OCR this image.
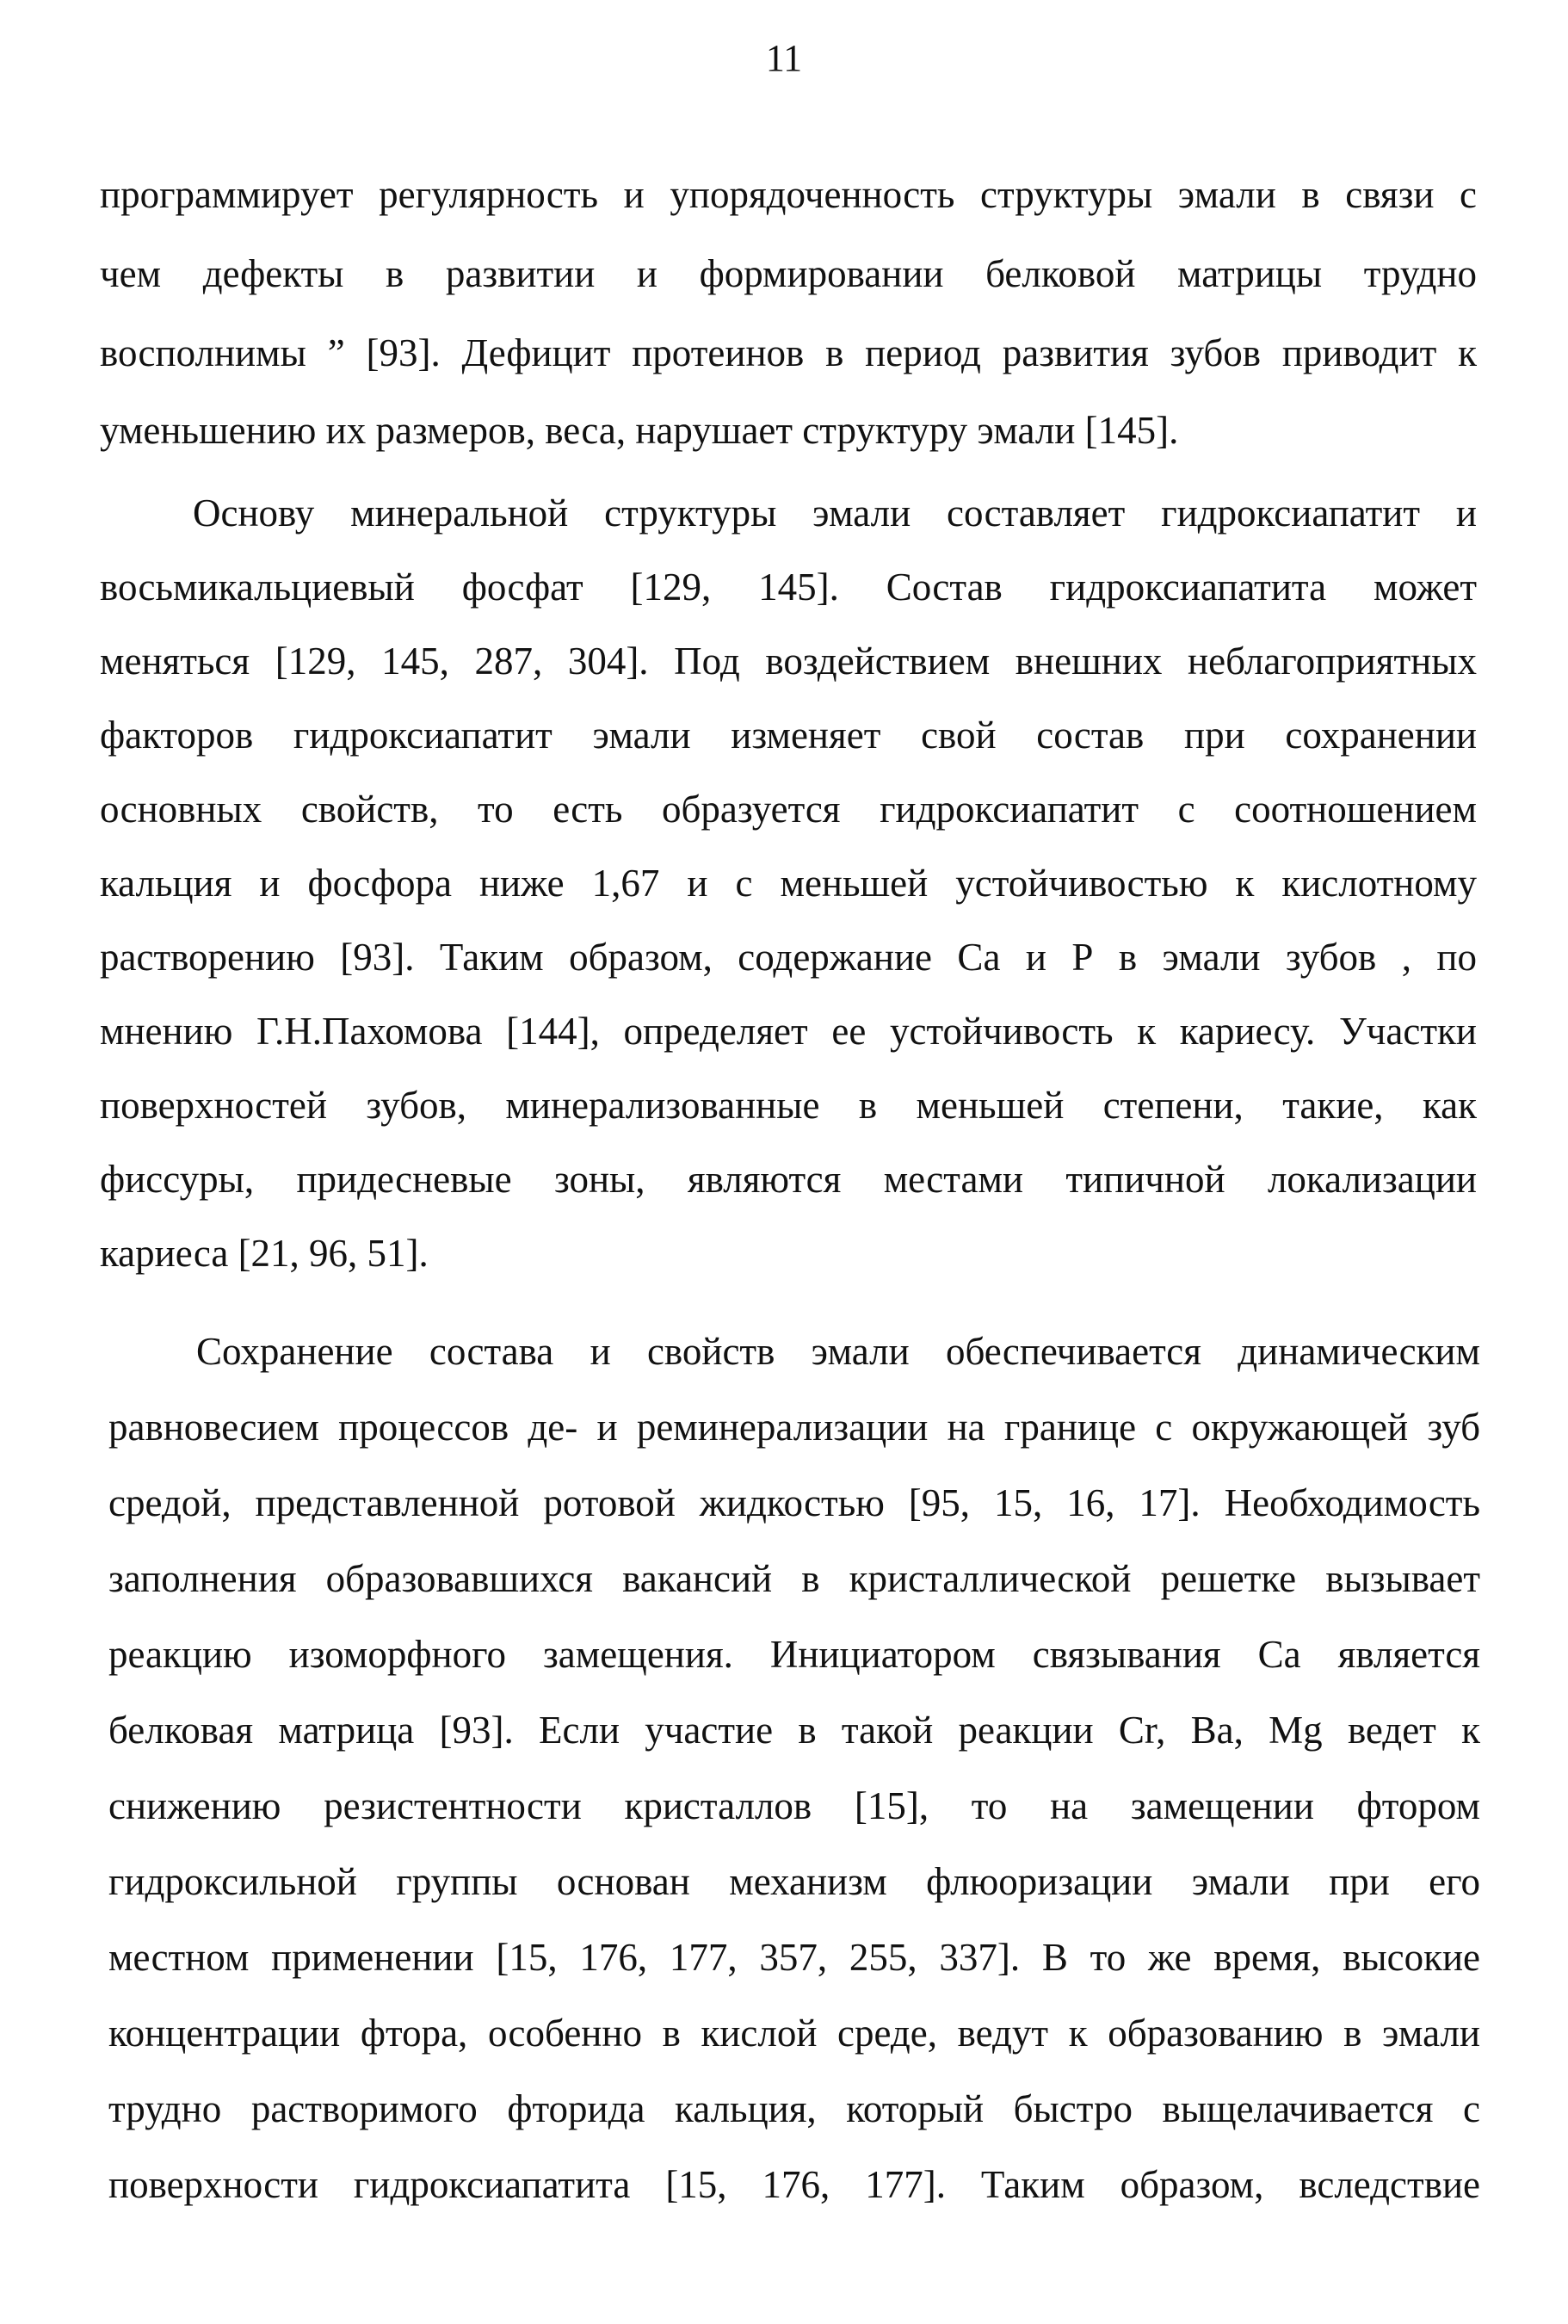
11
программирует регулярность и упорядоченность структуры эмали в связи с
чем дефекты в развитии и формировании белковой матрицы трудно
восполнимы ” [93]. Дефицит протеинов в период развития зубов приводит к
уменьшению их размеров, веса, нарушает структуру эмали [145].
Основу минеральной структуры эмали составляет гидроксиапатит и
восьмикальциевый фосфат [129, 145]. Состав гидроксиапатита может
меняться [129, 145, 287, 304]. Под воздействием внешних неблагоприятных
факторов гидроксиапатит эмали изменяет свой состав при сохранении
основных свойств, то есть образуется гидроксиапатит с соотношением
кальция и фосфора ниже 1,67 и с меньшей устойчивостью к кислотному
растворению [93]. Таким образом, содержание Са и Р в эмали зубов , по
мнению Г.Н.Пахомова [144], определяет ее устойчивость к кариесу. Участки
поверхностей зубов, минерализованные в меньшей степени, такие, как
фиссуры, придесневые зоны, являются местами типичной локализации
кариеса [21, 96, 51].
Сохранение состава и свойств эмали обеспечивается динамическим
равновесием процессов де- и реминерализации на границе с окружающей зуб
средой, представленной ротовой жидкостью [95, 15, 16, 17]. Необходимость
заполнения образовавшихся вакансий в кристаллической решетке вызывает
реакцию изоморфного замещения. Инициатором связывания Са является
белковая матрица [93]. Если участие в такой реакции Cr, Ba, Mg ведет к
снижению резистентности кристаллов [15], то на замещении фтором
гидроксильной группы основан механизм флюоризации эмали при его
местном применении [15, 176, 177, 357, 255, 337]. В то же время, высокие
концентрации фтора, особенно в кислой среде, ведут к образованию в эмали
трудно растворимого фторида кальция, который быстро выщелачивается с
поверхности гидроксиапатита [15, 176, 177]. Таким образом, вследствие
